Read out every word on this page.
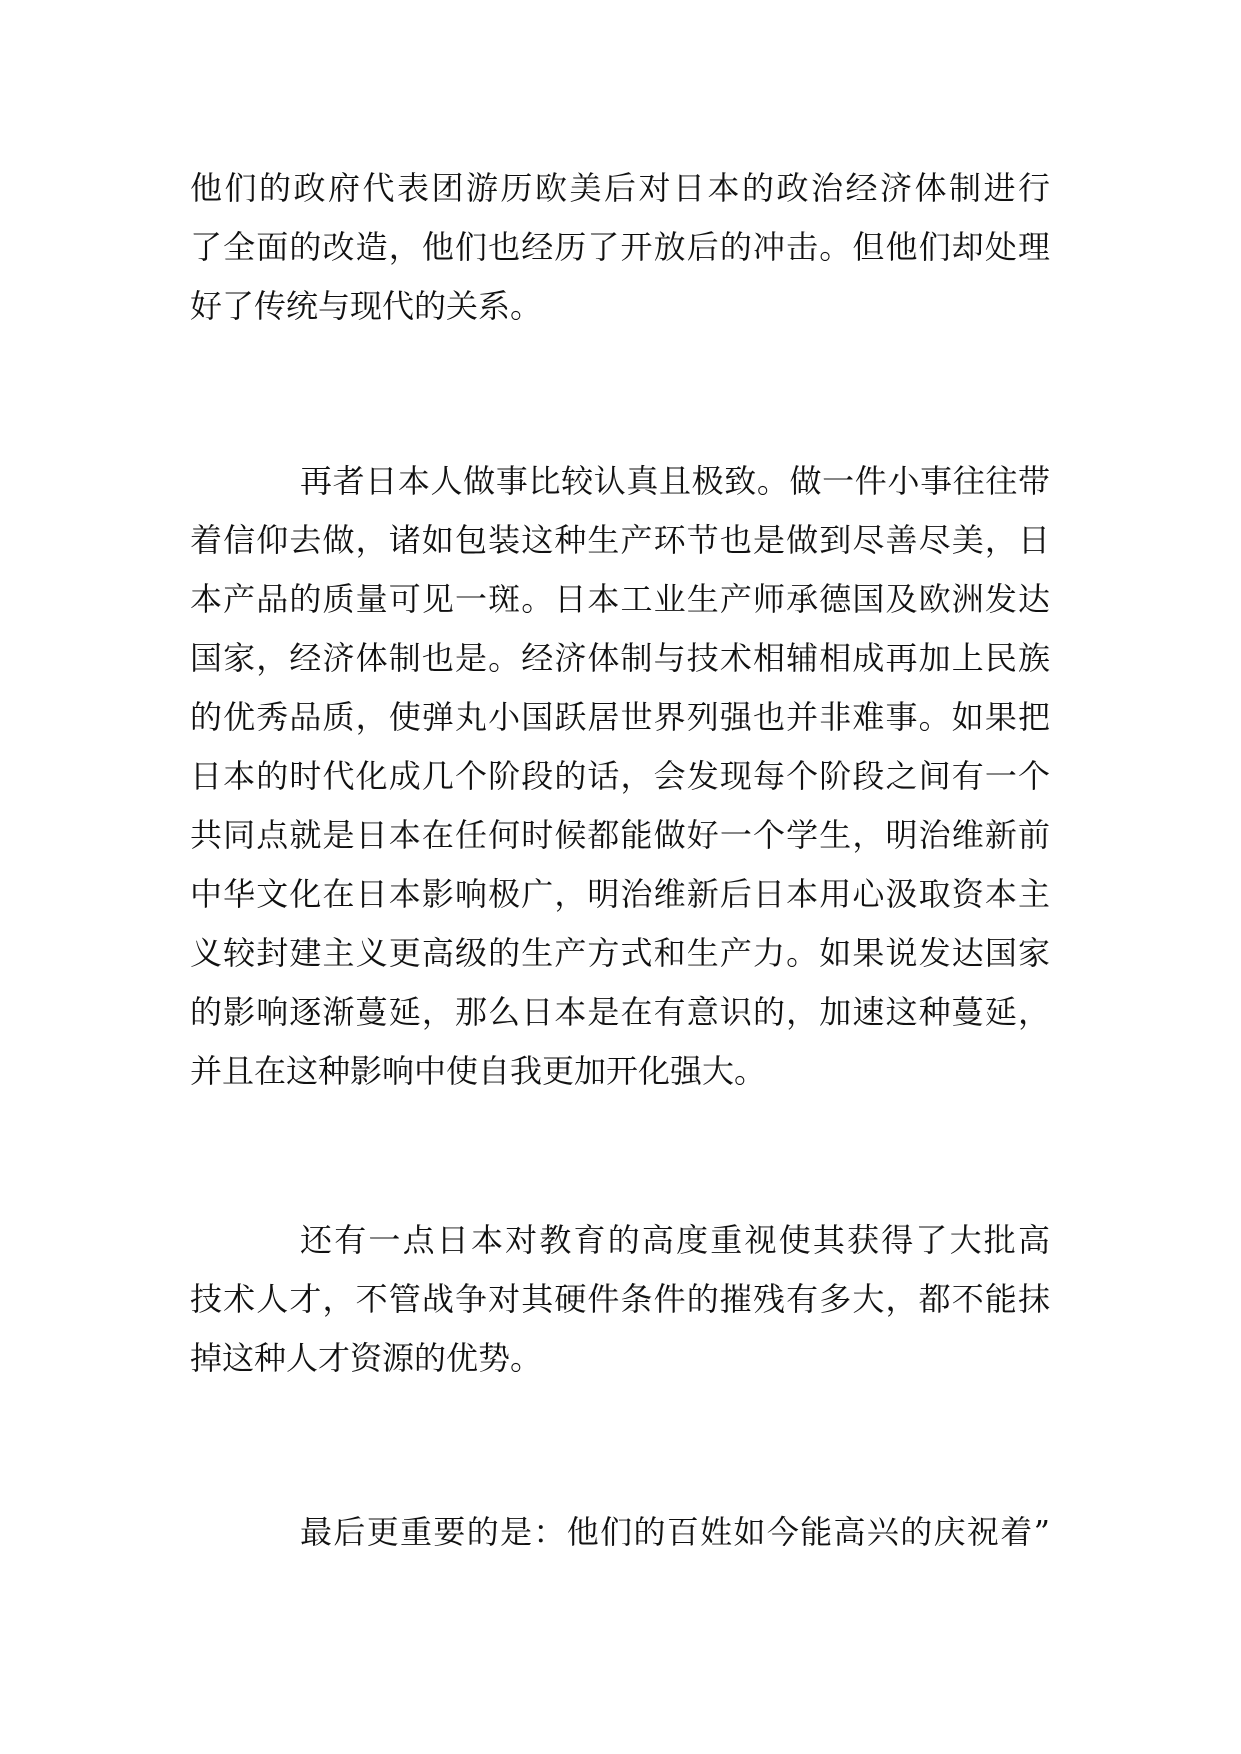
他们的政府代表团游历欧美后对日本的政治经济体制进行
了全面的改造，他们也经历了开放后的冲击。但他们却处理
好了传统与现代的关系。
再者日本人做事比较认真且极致。做一件小事往往带
着信仰去做，诸如包装这种生产环节也是做到尽善尽美，日
本产品的质量可见一斑。日本工业生产师承德国及欧洲发达
国家，经济体制也是。经济体制与技术相辅相成再加上民族
的优秀品质，使弹丸小国跃居世界列强也并非难事。如果把
日本的时代化成几个阶段的话，会发现每个阶段之间有一个
共同点就是日本在任何时候都能做好一个学生，明治维新前
中华文化在日本影响极广，明治维新后日本用心汲取资本主
义较封建主义更高级的生产方式和生产力。如果说发达国家
的影响逐渐蔓延，那么日本是在有意识的，加速这种蔓延，
并且在这种影响中使自我更加开化强大。
还有一点日本对教育的高度重视使其获得了大批高
技术人才，不管战争对其硬件条件的摧残有多大，都不能抹
掉这种人才资源的优势。
最后更重要的是：他们的百姓如今能高兴的庆祝着”
